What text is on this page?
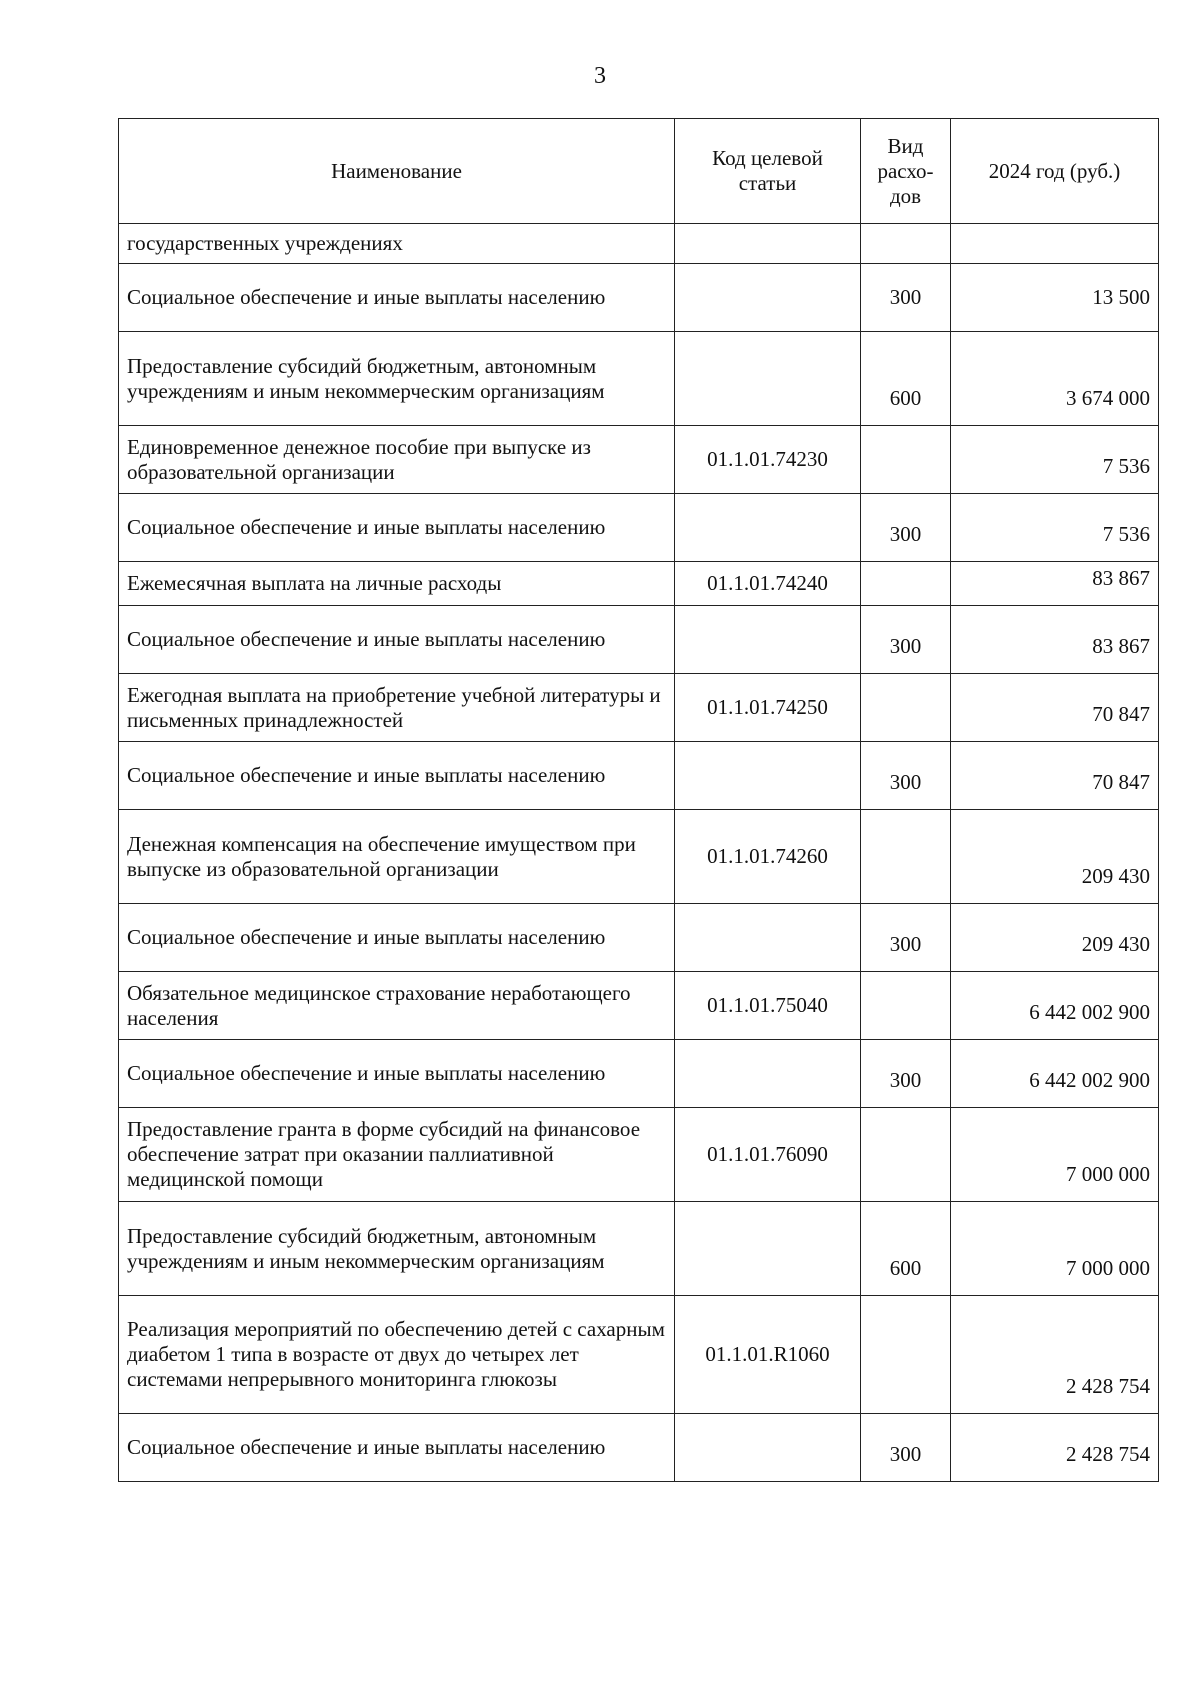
3
Наименование	Код целевой статьи	Вид расхо-дов	2024 год (руб.)
государственных учреждениях			
Социальное обеспечение и иные выплаты населению		300	13 500
Предоставление субсидий бюджетным, автономным учреждениям и иным некоммерческим организациям		600	3 674 000
Единовременное денежное пособие при выпуске из образовательной организации	01.1.01.74230		7 536
Социальное обеспечение и иные выплаты населению		300	7 536
Ежемесячная выплата на личные расходы	01.1.01.74240		83 867
Социальное обеспечение и иные выплаты населению		300	83 867
Ежегодная выплата на приобретение учебной литературы и письменных принадлежностей	01.1.01.74250		70 847
Социальное обеспечение и иные выплаты населению		300	70 847
Денежная компенсация на обеспечение имуществом при выпуске из образовательной организации	01.1.01.74260		209 430
Социальное обеспечение и иные выплаты населению		300	209 430
Обязательное медицинское страхование неработающего населения	01.1.01.75040		6 442 002 900
Социальное обеспечение и иные выплаты населению		300	6 442 002 900
Предоставление гранта в форме субсидий на финансовое обеспечение затрат при оказании паллиативной медицинской помощи	01.1.01.76090		7 000 000
Предоставление субсидий бюджетным, автономным учреждениям и иным некоммерческим организациям		600	7 000 000
Реализация мероприятий по обеспечению детей с сахарным диабетом 1 типа в возрасте от двух до четырех лет системами непрерывного мониторинга глюкозы	01.1.01.R1060		2 428 754
Социальное обеспечение и иные выплаты населению		300	2 428 754
